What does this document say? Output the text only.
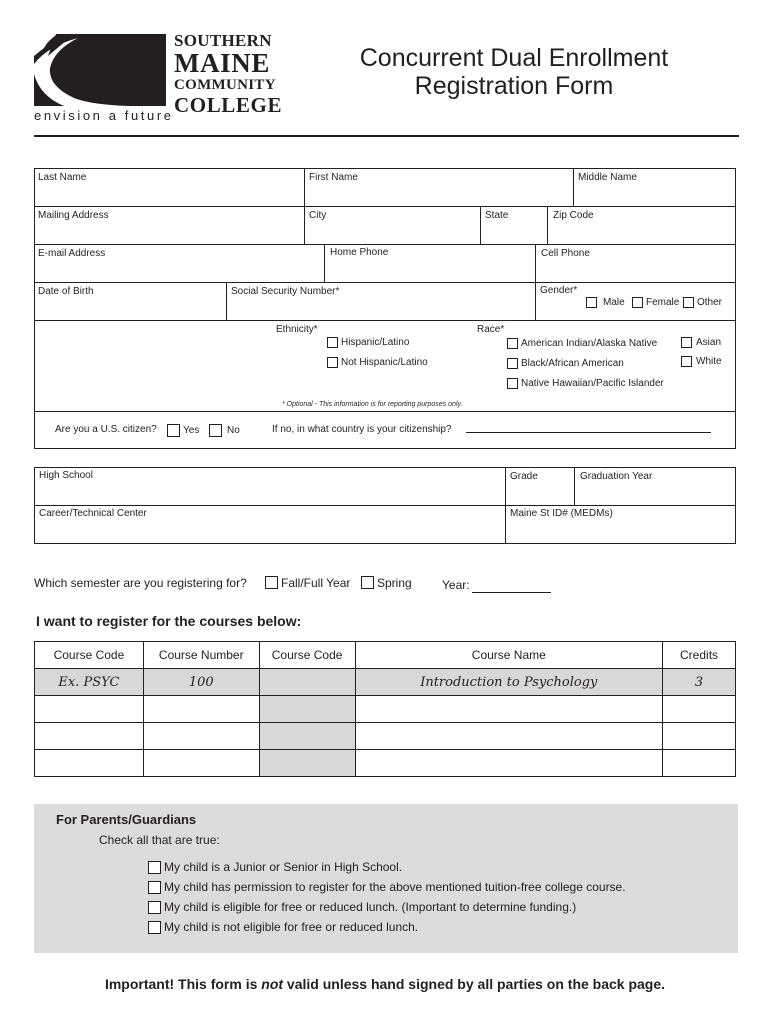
SOUTHERN
MAINE
COMMUNITY
COLLEGE
envision a future
Concurrent Dual Enrollment
Registration Form
Last Name	First Name	Middle Name
Mailing Address	City	State	Zip Code
E-mail Address	Home Phone	Cell Phone
Date of Birth	Social Security Number*	Gender*
Male Female Other
Ethnicity*
Hispanic/Latino
Not Hispanic/Latino
Race*
American Indian/Alaska Native
Black/African American
Native Hawaiian/Pacific Islander
Asian
White
* Optional - This information is for reporting purposes only.
Are you a U.S. citizen?	Yes	No	If no, in what country is your citizenship?
High School	Grade	Graduation Year
Career/Technical Center	Maine St ID# (MEDMs)
Which semester are you registering for?	Fall/Full Year Spring	Year:
I want to register for the courses below:
Course Code	Course Number	Course Code	Course Name	Credits
Ex. PSYC	100		Introduction to Psychology	3

For Parents/Guardians
Check all that are true:
My child is a Junior or Senior in High School.
My child has permission to register for the above mentioned tuition-free college course.
My child is eligible for free or reduced lunch. (Important to determine funding.)
My child is not eligible for free or reduced lunch.
Important! This form is not valid unless hand signed by all parties on the back page.
